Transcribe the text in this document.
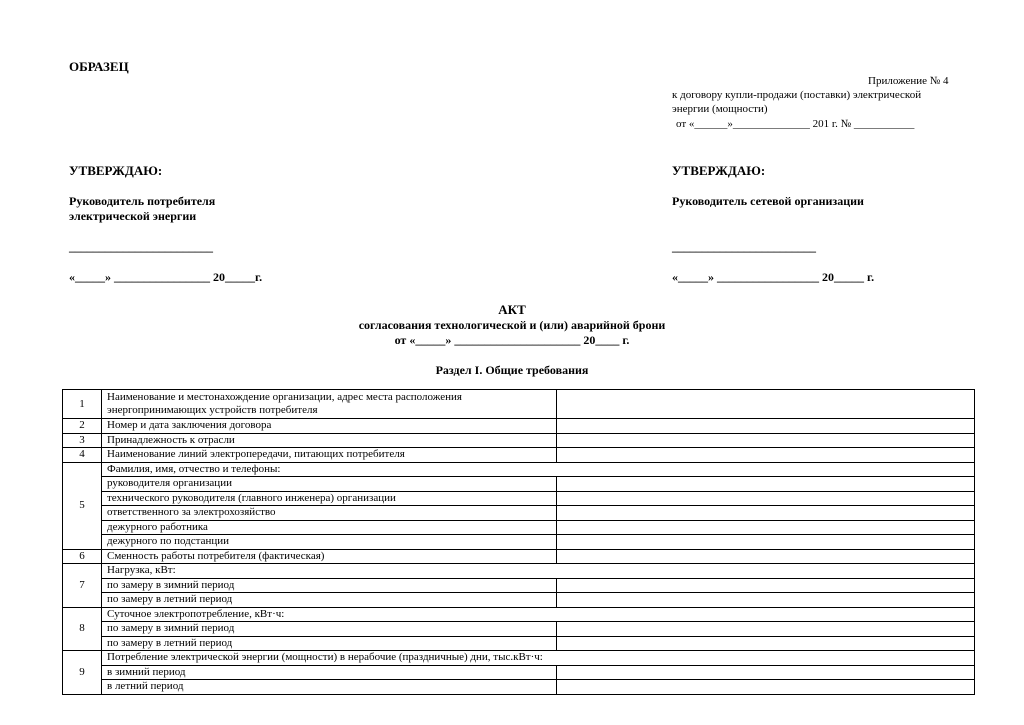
ОБРАЗЕЦ
Приложение № 4
к договору купли-продажи (поставки) электрической
энергии (мощности)
от «______»______________ 201 г. № ___________
УТВЕРЖДАЮ:
Руководитель потребителя
электрической энергии
________________________
«_____» ________________ 20_____г.
УТВЕРЖДАЮ:
Руководитель сетевой организации
________________________
«_____» _________________ 20_____ г.
АКТ
согласования технологической и (или) аварийной брони
от «_____» _____________________ 20____ г.
Раздел I. Общие требования
1	Наименование и местонахождение организации, адрес места расположения энергопринимающих устройств потребителя	
2	Номер и дата заключения договора	
3	Принадлежность к отрасли	
4	Наименование линий электропередачи, питающих потребителя	
5	Фамилия, имя, отчество и телефоны:	
	руководителя организации	
	технического руководителя (главного инженера) организации	
	ответственного за электрохозяйство	
	дежурного работника	
	дежурного по подстанции	
6	Сменность работы потребителя (фактическая)	
7	Нагрузка, кВт:	
	по замеру в зимний период	
	по замеру в летний период	
8	Суточное электропотребление, кВт·ч:	
	по замеру в зимний период	
	по замеру в летний период	
9	Потребление электрической энергии (мощности) в нерабочие (праздничные) дни, тыс.кВт·ч:	
	в зимний период	
	в летний период	
